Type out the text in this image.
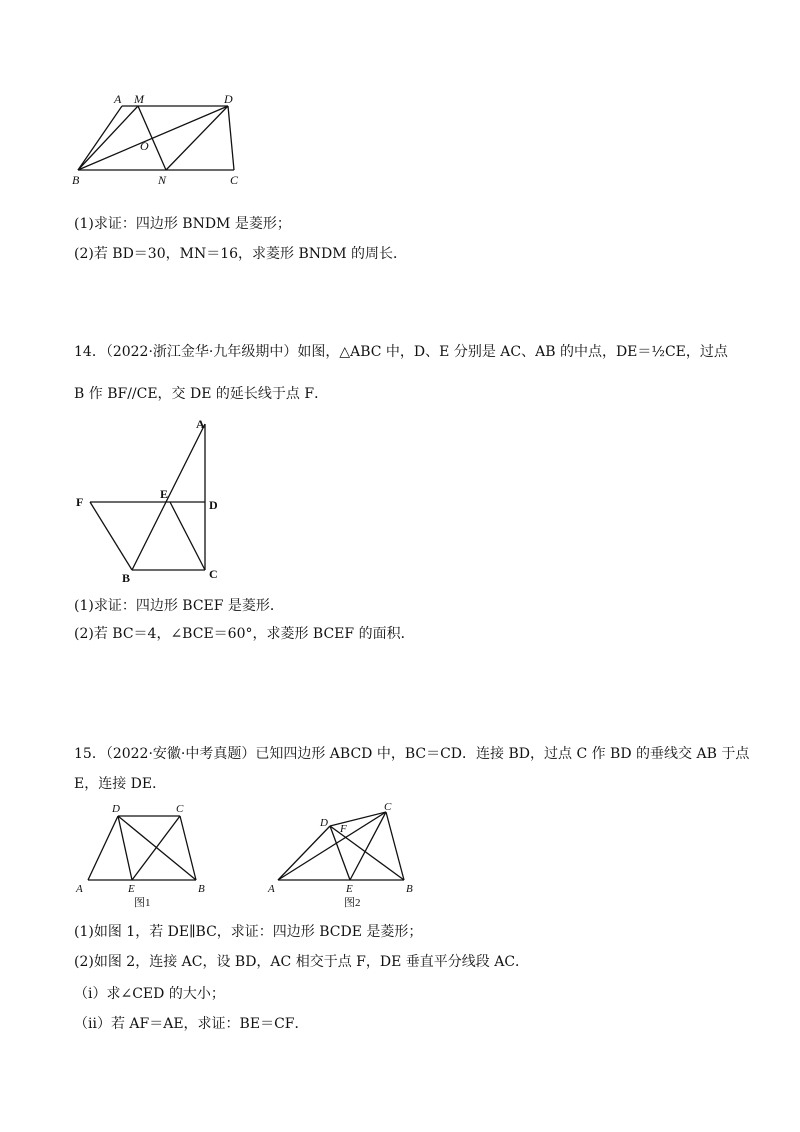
A M	D
O
B	N	C
(1)求证：四边形 BNDM 是菱形；
(2)若 BD＝30，MN＝16，求菱形 BNDM 的周长．
14．（2022·浙江金华·九年级期中）如图，△ABC 中，D、E 分别是 AC、AB 的中点，DE＝½CE，过点
B 作 BF//CE，交 DE 的延长线于点 F．
A
F
E
D
B	C
(1)求证：四边形 BCEF 是菱形．
(2)若 BC＝4，∠BCE＝60°，求菱形 BCEF 的面积．
15．（2022·安徽·中考真题）已知四边形 ABCD 中，BC＝CD．连接 BD，过点 C 作 BD 的垂线交 AB 于点
E，连接 DE．
D	C
A	E	B
图1
D F
C
A	E	B
图2
(1)如图 1，若 DE∥BC，求证：四边形 BCDE 是菱形；
(2)如图 2，连接 AC，设 BD，AC 相交于点 F，DE 垂直平分线段 AC．
（ⅰ）求∠CED 的大小；
（ⅱ）若 AF＝AE，求证：BE＝CF．
